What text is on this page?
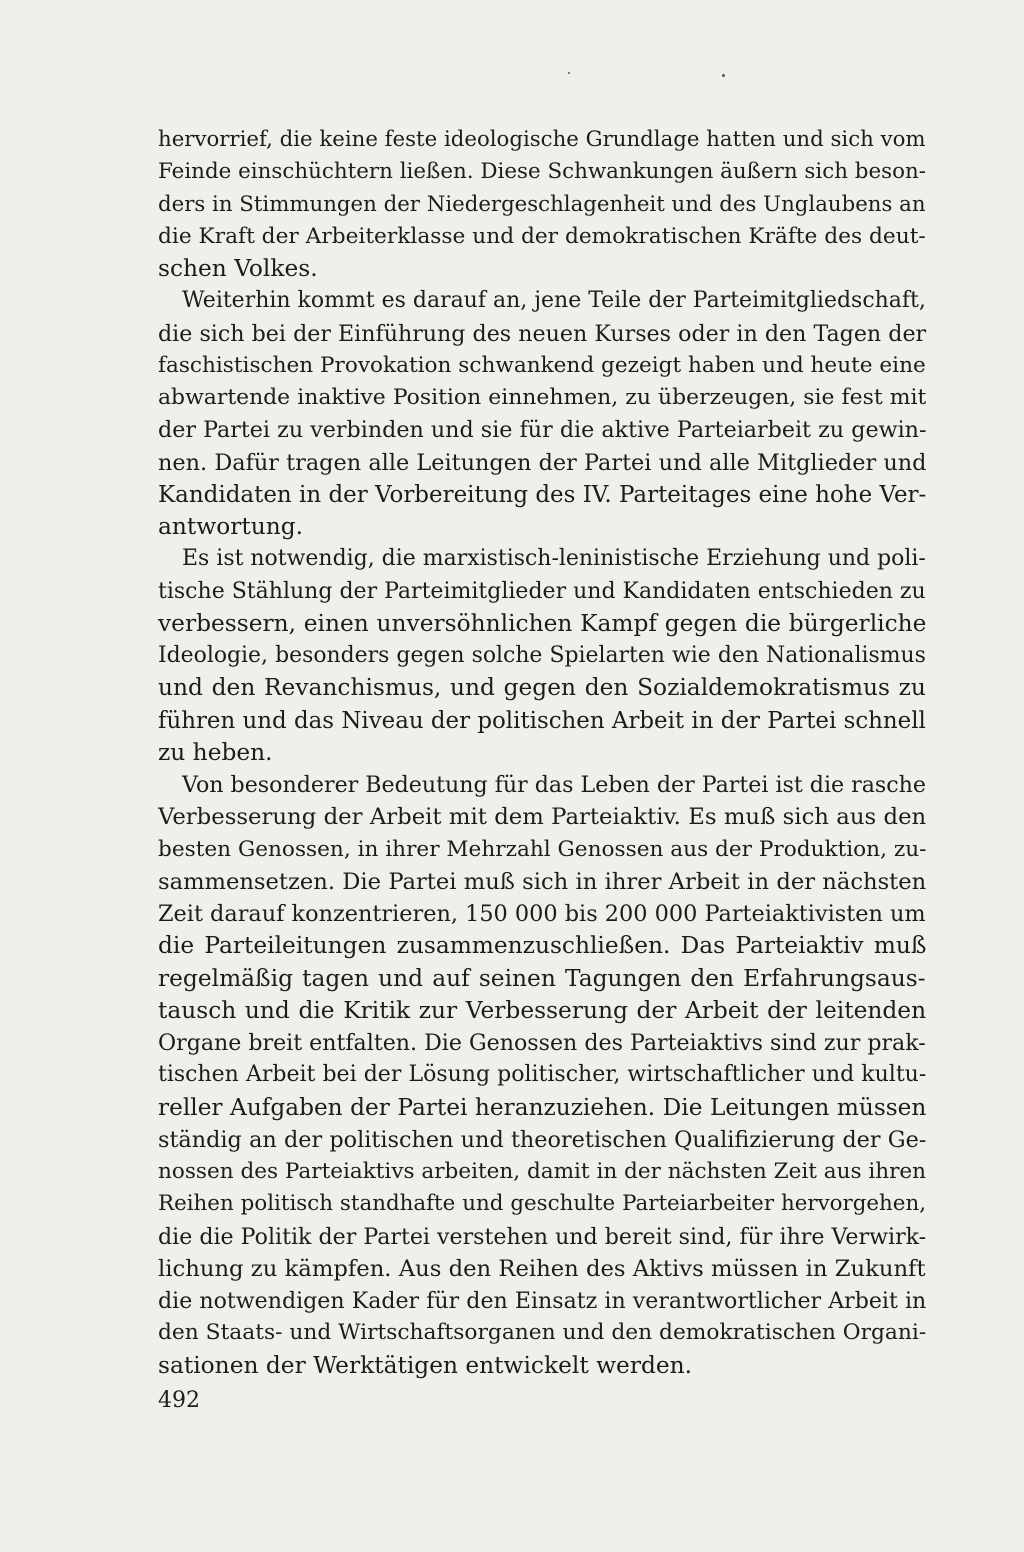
hervorrief, die keine feste ideologische Grundlage hatten und sich vom
Feinde einschüchtern ließen. Diese Schwankungen äußern sich beson-
ders in Stimmungen der Niedergeschlagenheit und des Unglaubens an
die Kraft der Arbeiterklasse und der demokratischen Kräfte des deut-
schen Volkes.
Weiterhin kommt es darauf an, jene Teile der Parteimitgliedschaft,
die sich bei der Einführung des neuen Kurses oder in den Tagen der
faschistischen Provokation schwankend gezeigt haben und heute eine
abwartende inaktive Position einnehmen, zu überzeugen, sie fest mit
der Partei zu verbinden und sie für die aktive Parteiarbeit zu gewin-
nen. Dafür tragen alle Leitungen der Partei und alle Mitglieder und
Kandidaten in der Vorbereitung des IV. Parteitages eine hohe Ver-
antwortung.
Es ist notwendig, die marxistisch-leninistische Erziehung und poli-
tische Stählung der Parteimitglieder und Kandidaten entschieden zu
verbessern, einen unversöhnlichen Kampf gegen die bürgerliche
Ideologie, besonders gegen solche Spielarten wie den Nationalismus
und den Revanchismus, und gegen den Sozialdemokratismus zu
führen und das Niveau der politischen Arbeit in der Partei schnell
zu heben.
Von besonderer Bedeutung für das Leben der Partei ist die rasche
Verbesserung der Arbeit mit dem Parteiaktiv. Es muß sich aus den
besten Genossen, in ihrer Mehrzahl Genossen aus der Produktion, zu-
sammensetzen. Die Partei muß sich in ihrer Arbeit in der nächsten
Zeit darauf konzentrieren, 150 000 bis 200 000 Parteiaktivisten um
die Parteileitungen zusammenzuschließen. Das Parteiaktiv muß
regelmäßig tagen und auf seinen Tagungen den Erfahrungsaus-
tausch und die Kritik zur Verbesserung der Arbeit der leitenden
Organe breit entfalten. Die Genossen des Parteiaktivs sind zur prak-
tischen Arbeit bei der Lösung politischer, wirtschaftlicher und kultu-
reller Aufgaben der Partei heranzuziehen. Die Leitungen müssen
ständig an der politischen und theoretischen Qualifizierung der Ge-
nossen des Parteiaktivs arbeiten, damit in der nächsten Zeit aus ihren
Reihen politisch standhafte und geschulte Parteiarbeiter hervorgehen,
die die Politik der Partei verstehen und bereit sind, für ihre Verwirk-
lichung zu kämpfen. Aus den Reihen des Aktivs müssen in Zukunft
die notwendigen Kader für den Einsatz in verantwortlicher Arbeit in
den Staats- und Wirtschaftsorganen und den demokratischen Organi-
sationen der Werktätigen entwickelt werden.
492
